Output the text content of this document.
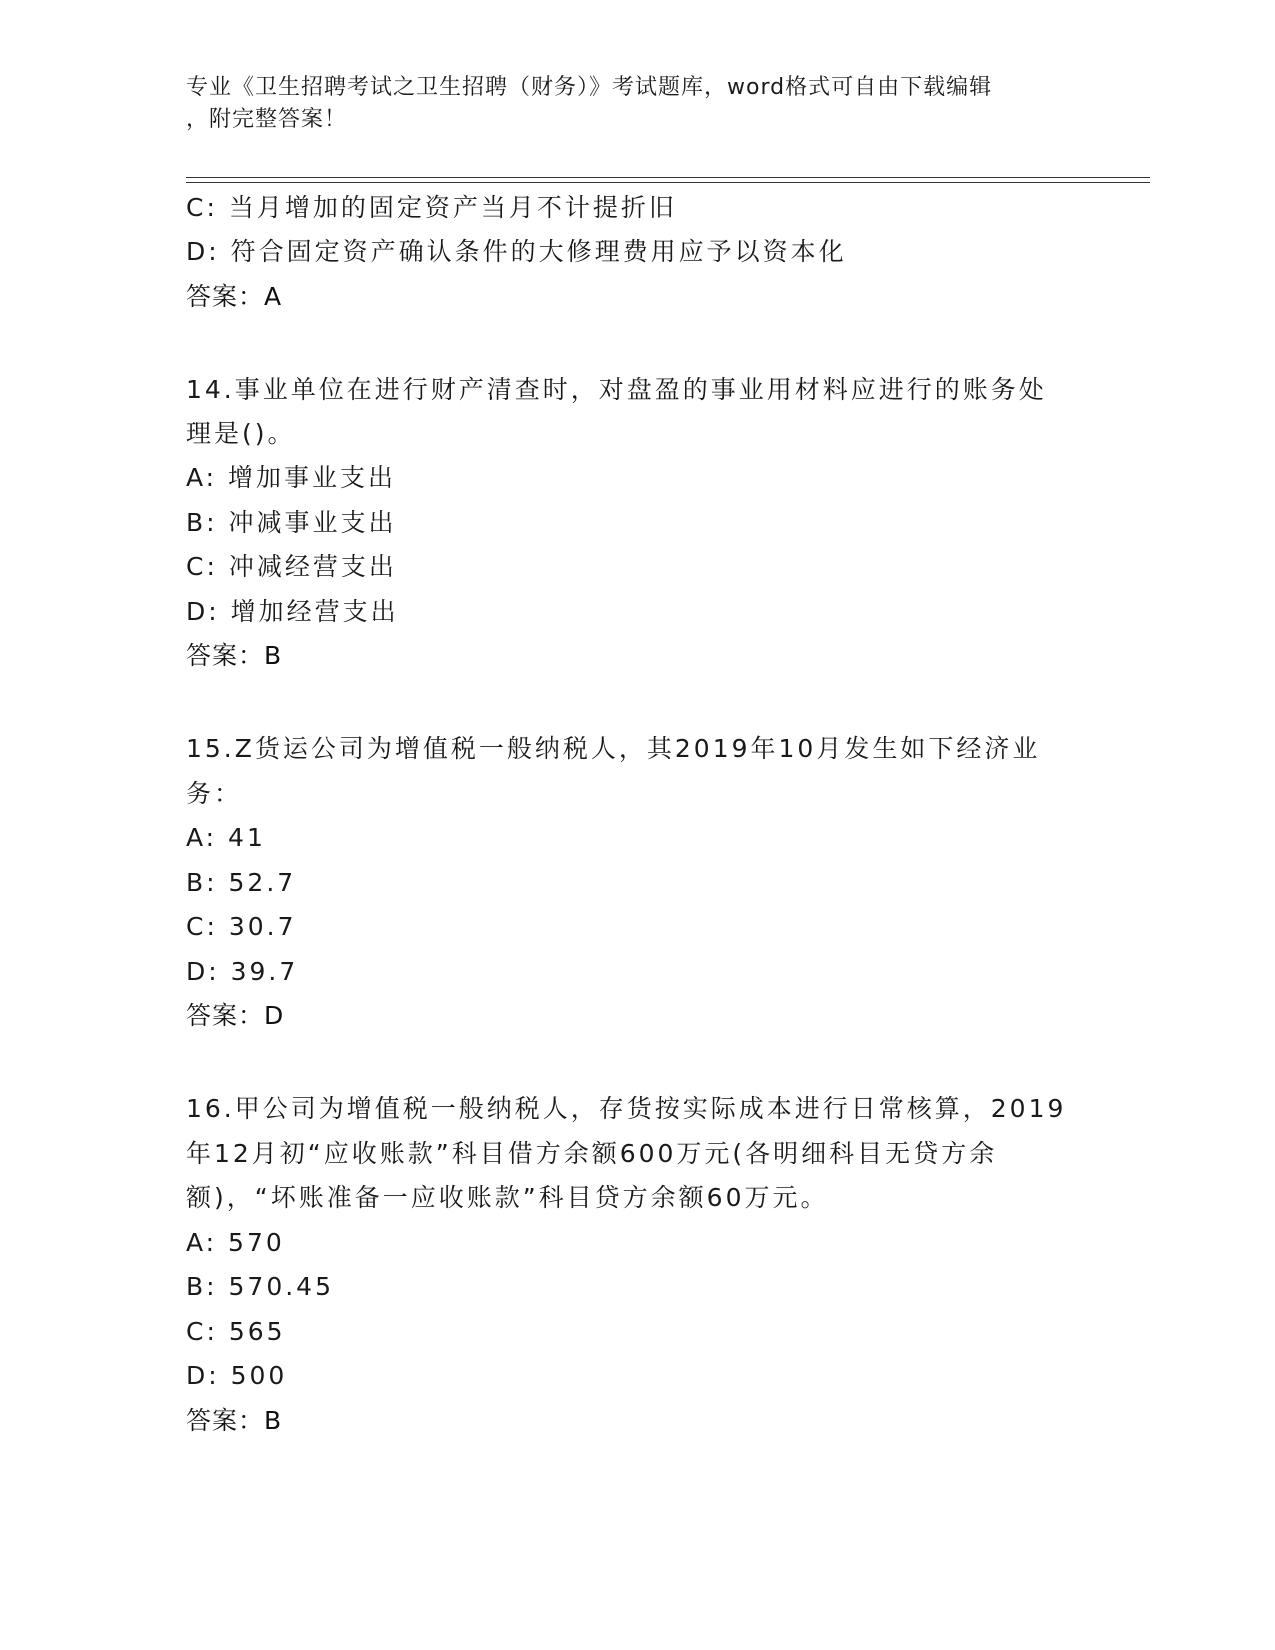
专业《卫生招聘考试之卫生招聘（财务）》考试题库，word格式可自由下载编辑
，附完整答案！
C: 当月增加的固定资产当月不计提折旧
D: 符合固定资产确认条件的大修理费用应予以资本化
答案：A
14.事业单位在进行财产清查时，对盘盈的事业用材料应进行的账务处
理是()。
A: 增加事业支出
B: 冲减事业支出
C: 冲减经营支出
D: 增加经营支出
答案：B
15.Z货运公司为增值税一般纳税人，其2019年10月发生如下经济业
务：
A: 41
B: 52.7
C: 30.7
D: 39.7
答案：D
16.甲公司为增值税一般纳税人，存货按实际成本进行日常核算，2019
年12月初“应收账款”科目借方余额600万元(各明细科目无贷方余
额)，“坏账准备一应收账款”科目贷方余额60万元。
A: 570
B: 570.45
C: 565
D: 500
答案：B
